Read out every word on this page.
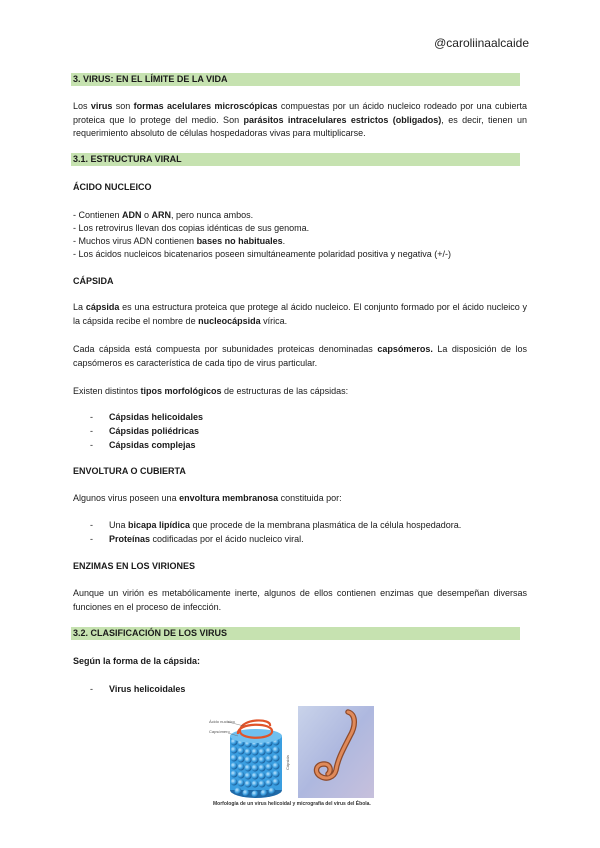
@caroliinaalcaide
3. VIRUS: EN EL LÍMITE DE LA VIDA
Los virus son formas acelulares microscópicas compuestas por un ácido nucleico rodeado por una cubierta proteica que lo protege del medio. Son parásitos intracelulares estrictos (obligados), es decir, tienen un requerimiento absoluto de células hospedadoras vivas para multiplicarse.
3.1. ESTRUCTURA VIRAL
ÁCIDO NUCLEICO
- Contienen ADN o ARN, pero nunca ambos.
- Los retrovirus llevan dos copias idénticas de sus genoma.
- Muchos virus ADN contienen bases no habituales.
- Los ácidos nucleicos bicatenarios poseen simultáneamente polaridad positiva y negativa (+/-)
CÁPSIDA
La cápsida es una estructura proteica que protege al ácido nucleico. El conjunto formado por el ácido nucleico y la cápsida recibe el nombre de nucleocápsida vírica.
Cada cápsida está compuesta por subunidades proteicas denominadas capsómeros. La disposición de los capsómeros es característica de cada tipo de virus particular.
Existen distintos tipos morfológicos de estructuras de las cápsidas:
- Cápsidas helicoidales
- Cápsidas poliédricas
- Cápsidas complejas
ENVOLTURA O CUBIERTA
Algunos virus poseen una envoltura membranosa constituida por:
- Una bicapa lipídica que procede de la membrana plasmática de la célula hospedadora.
- Proteínas codificadas por el ácido nucleico viral.
ENZIMAS EN LOS VIRIONES
Aunque un virión es metabólicamente inerte, algunos de ellos contienen enzimas que desempeñan diversas funciones en el proceso de infección.
3.2. CLASIFICACIÓN DE LOS VIRUS
Según la forma de la cápsida:
- Virus helicoidales
Ácido nucleico
Capsómero
Cápsida
Morfología de un virus helicoidal y micrografía del virus del Ébola.
